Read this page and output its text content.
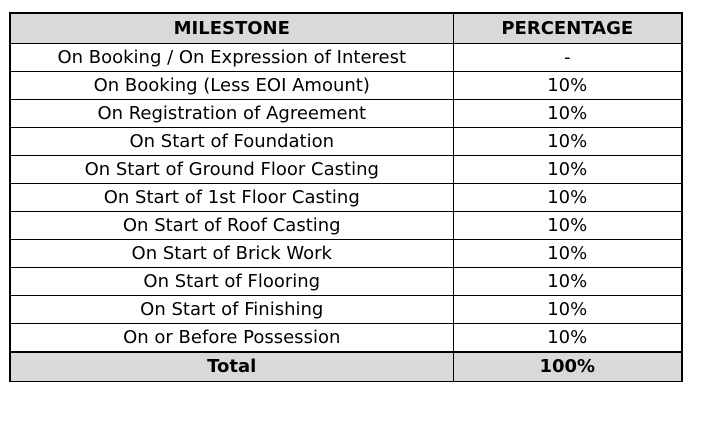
MILESTONE	PERCENTAGE
On Booking / On Expression of Interest	-
On Booking (Less EOI Amount)	10%
On Registration of Agreement	10%
On Start of Foundation	10%
On Start of Ground Floor Casting	10%
On Start of 1st Floor Casting	10%
On Start of Roof Casting	10%
On Start of Brick Work	10%
On Start of Flooring	10%
On Start of Finishing	10%
On or Before Possession	10%
Total	100%
